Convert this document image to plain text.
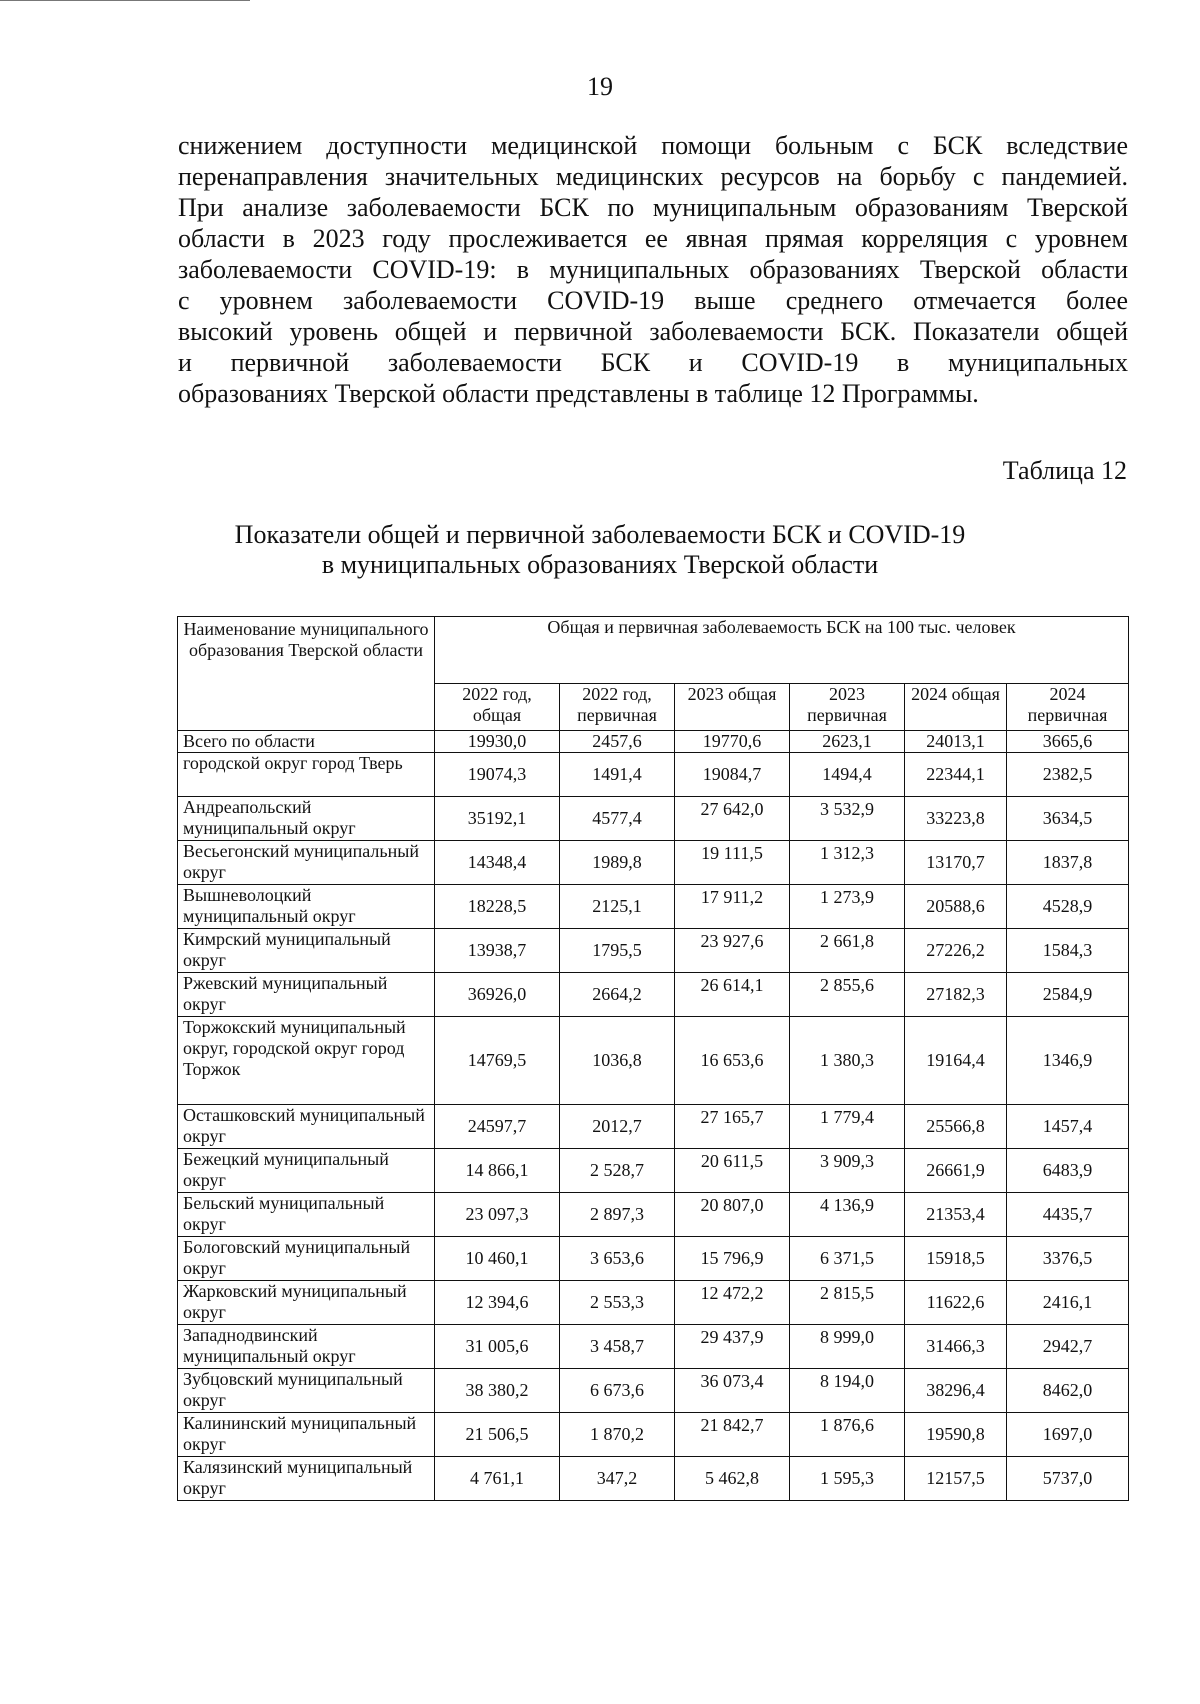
19
снижением доступности медицинской помощи больным с БСК вследствие
перенаправления значительных медицинских ресурсов на борьбу с пандемией.
При анализе заболеваемости БСК по муниципальным образованиям Тверской
области в 2023 году прослеживается ее явная прямая корреляция с уровнем
заболеваемости COVID-19: в муниципальных образованиях Тверской области
с уровнем заболеваемости COVID-19 выше среднего отмечается более
высокий уровень общей и первичной заболеваемости БСК. Показатели общей
и первичной заболеваемости БСК и COVID-19 в муниципальных
образованиях Тверской области представлены в таблице 12 Программы.
Таблица 12
Показатели общей и первичной заболеваемости БСК и COVID-19
в муниципальных образованиях Тверской области
Наименование муниципального образования Тверской области	Общая и первичная заболеваемость БСК на 100 тыс. человек					
	2022 год, общая	2022 год, первичная	2023 общая	2023 первичная	2024 общая	2024 первичная
Всего по области	19930,0	2457,6	19770,6	2623,1	24013,1	3665,6
городской округ город Тверь	19074,3	1491,4	19084,7	1494,4	22344,1	2382,5
Андреапольский муниципальный округ	35192,1	4577,4	27 642,0	3 532,9	33223,8	3634,5
Весьегонский муниципальный округ	14348,4	1989,8	19 111,5	1 312,3	13170,7	1837,8
Вышневолоцкий муниципальный округ	18228,5	2125,1	17 911,2	1 273,9	20588,6	4528,9
Кимрский муниципальный округ	13938,7	1795,5	23 927,6	2 661,8	27226,2	1584,3
Ржевский муниципальный округ	36926,0	2664,2	26 614,1	2 855,6	27182,3	2584,9
Торжокский муниципальный округ, городской округ город Торжок	14769,5	1036,8	16 653,6	1 380,3	19164,4	1346,9
Осташковский муниципальный округ	24597,7	2012,7	27 165,7	1 779,4	25566,8	1457,4
Бежецкий муниципальный округ	14 866,1	2 528,7	20 611,5	3 909,3	26661,9	6483,9
Бельский муниципальный округ	23 097,3	2 897,3	20 807,0	4 136,9	21353,4	4435,7
Бологовский муниципальный округ	10 460,1	3 653,6	15 796,9	6 371,5	15918,5	3376,5
Жарковский муниципальный округ	12 394,6	2 553,3	12 472,2	2 815,5	11622,6	2416,1
Западнодвинский муниципальный округ	31 005,6	3 458,7	29 437,9	8 999,0	31466,3	2942,7
Зубцовский муниципальный округ	38 380,2	6 673,6	36 073,4	8 194,0	38296,4	8462,0
Калининский муниципальный округ	21 506,5	1 870,2	21 842,7	1 876,6	19590,8	1697,0
Калязинский муниципальный округ	4 761,1	347,2	5 462,8	1 595,3	12157,5	5737,0
